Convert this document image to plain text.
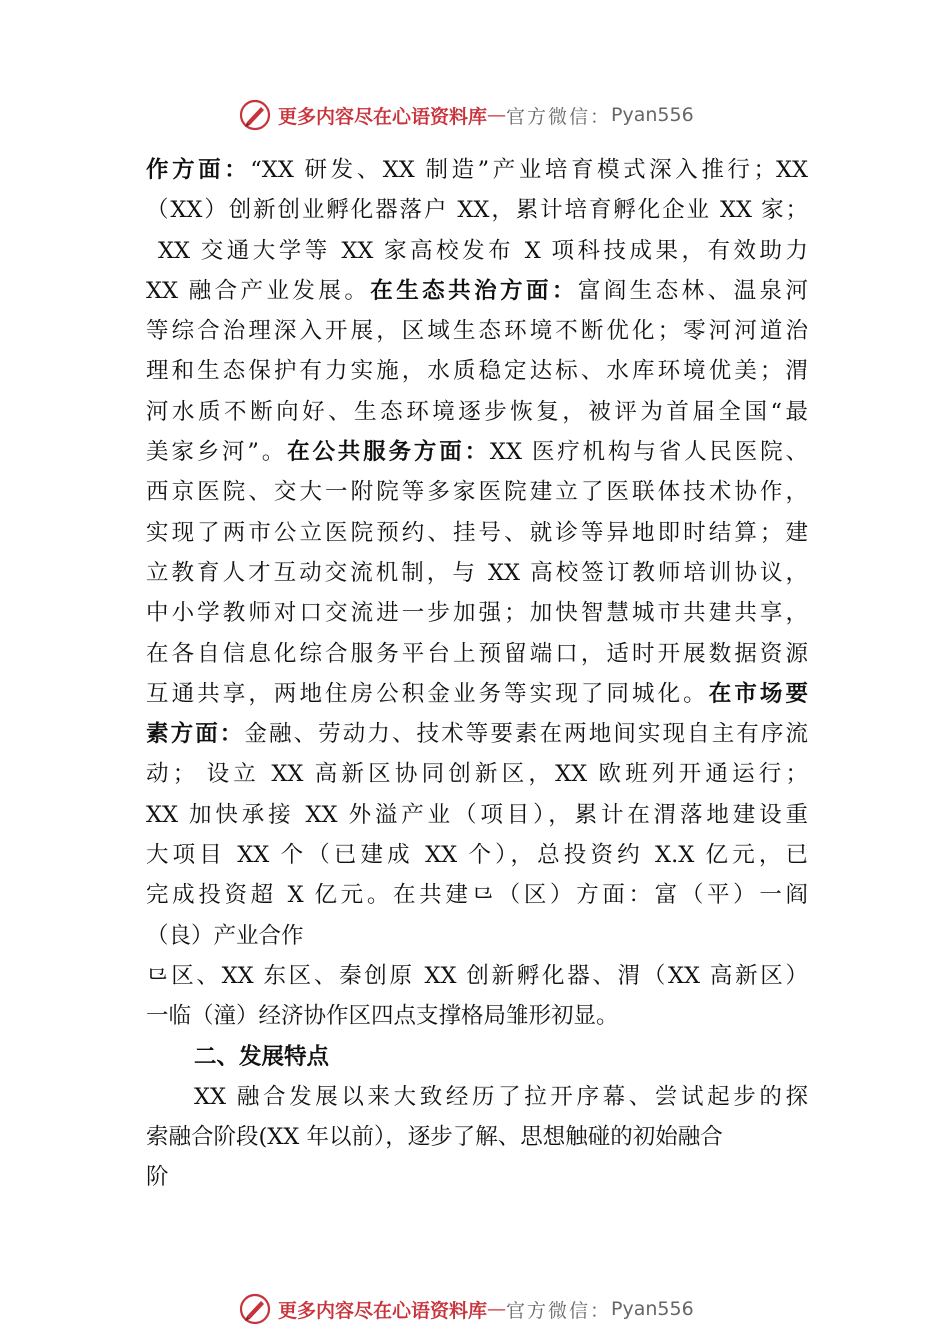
更多内容尽在心语资料库 — 官方微信： Pyan556
作方面：“XX 研发、XX 制造”产业培育模式深入推行；XX
（XX）创新创业孵化器落户 XX，累计培育孵化企业 XX 家；
XX 交通大学等 XX 家高校发布 X 项科技成果，有效助力
XX 融合产业发展。在生态共治方面：富阎生态林、温泉河
等综合治理深入开展，区域生态环境不断优化；零河河道治
理和生态保护有力实施，水质稳定达标、水库环境优美；渭
河水质不断向好、生态环境逐步恢复，被评为首届全国“最
美家乡河”。在公共服务方面：XX 医疗机构与省人民医院、
西京医院、交大一附院等多家医院建立了医联体技术协作，
实现了两市公立医院预约、挂号、就诊等异地即时结算；建
立教育人才互动交流机制，与 XX 高校签订教师培训协议，
中小学教师对口交流进一步加强；加快智慧城市共建共享，
在各自信息化综合服务平台上预留端口，适时开展数据资源
互通共享，两地住房公积金业务等实现了同城化。在市场要
素方面：金融、劳动力、技术等要素在两地间实现自主有序流
动； 设立 XX 高新区协同创新区，XX 欧班列开通运行；
XX 加快承接 XX 外溢产业（项目），累计在渭落地建设重
大项目 XX 个（已建成 XX 个），总投资约 X.X 亿元，已
完成投资超 X 亿元。在共建⺋（区）方面：富（平）一阎
（良）产业合作
⺋区、XX 东区、秦创原 XX 创新孵化器、渭（XX 高新区）
一临（潼）经济协作区四点支撑格局雏形初显。
二、发展特点
XX 融合发展以来大致经历了拉开序幕、尝试起步的探
索融合阶段(XX 年以前），逐步了解、思想触碰的初始融合
阶
更多内容尽在心语资料库 — 官方微信： Pyan556
